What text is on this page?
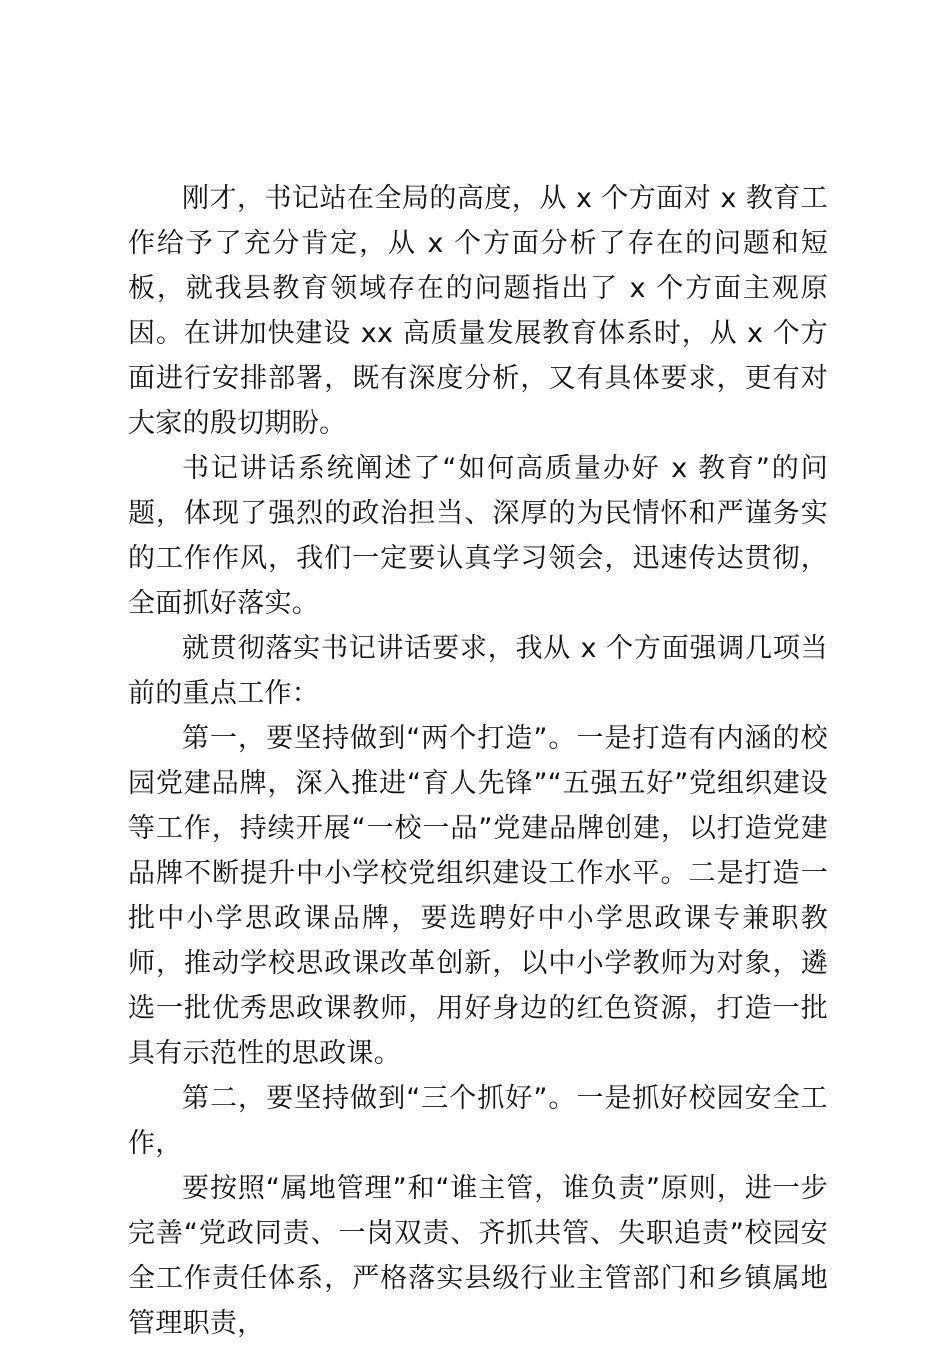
刚才，书记站在全局的高度，从 x 个方面对 x 教育工作给予了充分肯定，从 x 个方面分析了存在的问题和短板，就我县教育领域存在的问题指出了 x 个方面主观原因。在讲加快建设 xx 高质量发展教育体系时，从 x 个方面进行安排部署，既有深度分析，又有具体要求，更有对大家的殷切期盼。

书记讲话系统阐述了“如何高质量办好 x 教育”的问题，体现了强烈的政治担当、深厚的为民情怀和严谨务实的工作作风，我们一定要认真学习领会，迅速传达贯彻，全面抓好落实。

就贯彻落实书记讲话要求，我从 x 个方面强调几项当前的重点工作：

第一，要坚持做到“两个打造”。一是打造有内涵的校园党建品牌，深入推进“育人先锋”“五强五好”党组织建设等工作，持续开展“一校一品”党建品牌创建，以打造党建品牌不断提升中小学校党组织建设工作水平。二是打造一批中小学思政课品牌，要选聘好中小学思政课专兼职教师，推动学校思政课改革创新，以中小学教师为对象，遴选一批优秀思政课教师，用好身边的红色资源，打造一批具有示范性的思政课。

第二，要坚持做到“三个抓好”。一是抓好校园安全工作，

要按照“属地管理”和“谁主管，谁负责”原则，进一步完善“党政同责、一岗双责、齐抓共管、失职追责”校园安全工作责任体系，严格落实县级行业主管部门和乡镇属地管理职责，
